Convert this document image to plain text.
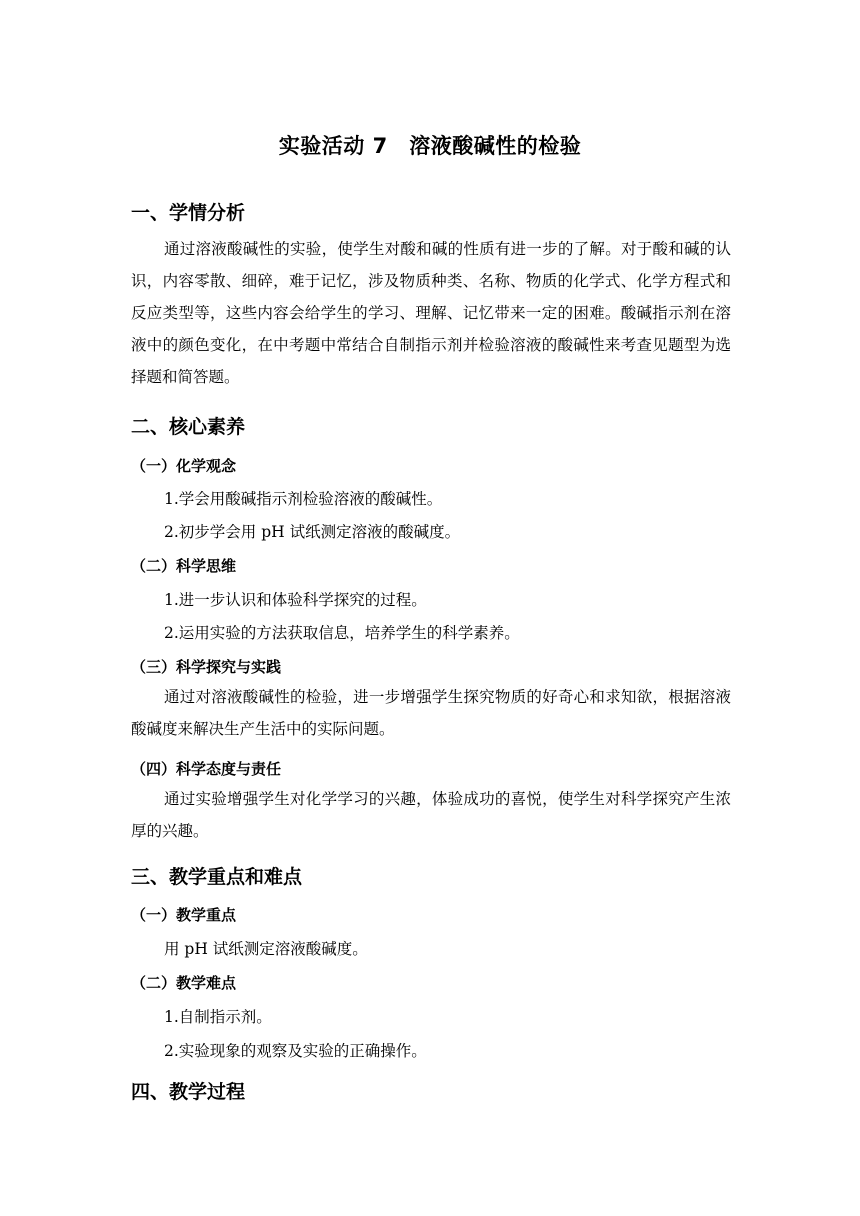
实验活动 7　溶液酸碱性的检验
一、学情分析
通过溶液酸碱性的实验，使学生对酸和碱的性质有进一步的了解。对于酸和碱的认识，内容零散、细碎，难于记忆，涉及物质种类、名称、物质的化学式、化学方程式和反应类型等，这些内容会给学生的学习、理解、记忆带来一定的困难。酸碱指示剂在溶液中的颜色变化，在中考题中常结合自制指示剂并检验溶液的酸碱性来考查见题型为选择题和简答题。
二、核心素养
（一）化学观念
1.学会用酸碱指示剂检验溶液的酸碱性。
2.初步学会用 pH 试纸测定溶液的酸碱度。
（二）科学思维
1.进一步认识和体验科学探究的过程。
2.运用实验的方法获取信息，培养学生的科学素养。
（三）科学探究与实践
通过对溶液酸碱性的检验，进一步增强学生探究物质的好奇心和求知欲，根据溶液酸碱度来解决生产生活中的实际问题。
（四）科学态度与责任
通过实验增强学生对化学学习的兴趣，体验成功的喜悦，使学生对科学探究产生浓厚的兴趣。
三、教学重点和难点
（一）教学重点
用 pH 试纸测定溶液酸碱度。
（二）教学难点
1.自制指示剂。
2.实验现象的观察及实验的正确操作。
四、教学过程
